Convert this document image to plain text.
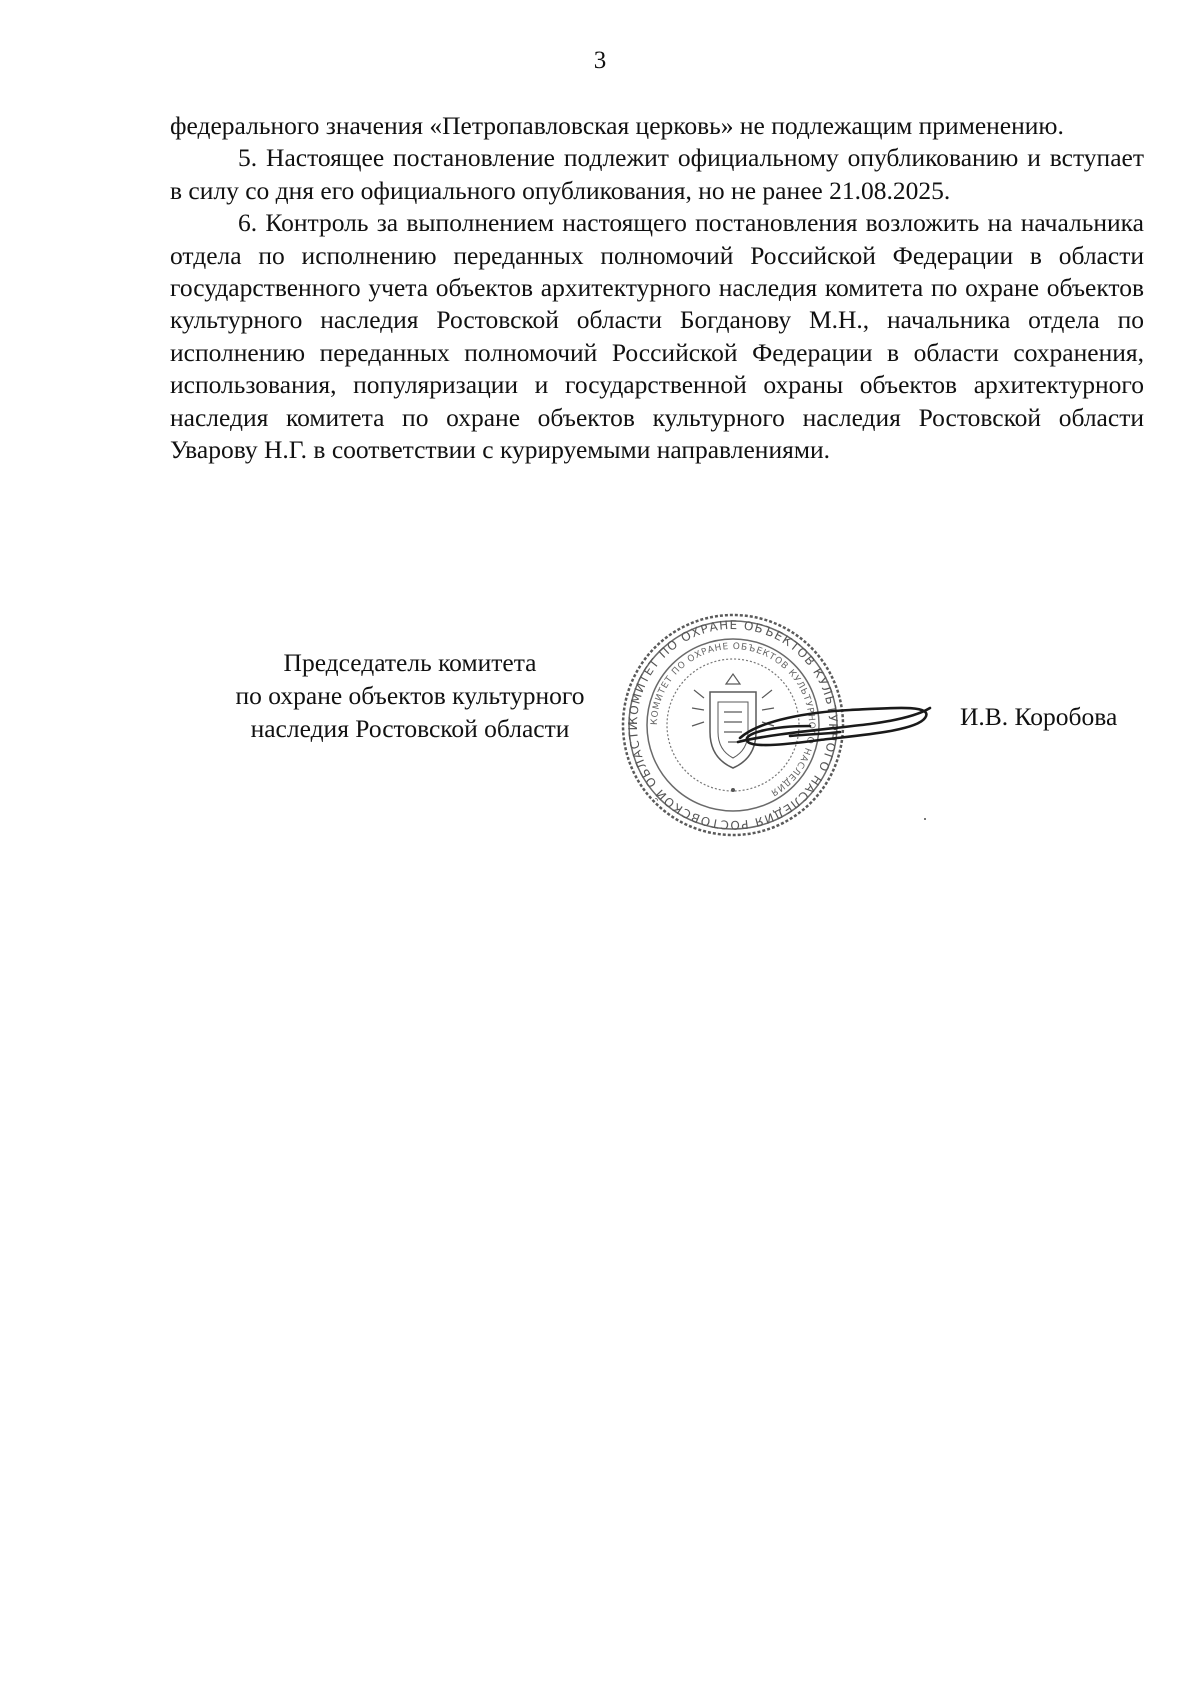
3

федерального значения «Петропавловская церковь» не подлежащим применению.

5. Настоящее постановление подлежит официальному опубликованию и вступает в силу со дня его официального опубликования, но не ранее 21.08.2025.

6. Контроль за выполнением настоящего постановления возложить на начальника отдела по исполнению переданных полномочий Российской Федерации в области государственного учета объектов архитектурного наследия комитета по охране объектов культурного наследия Ростовской области Богданову М.Н., начальника отдела по исполнению переданных полномочий Российской Федерации в области сохранения, использования, популяризации и государственной охраны объектов архитектурного наследия комитета по охране объектов культурного наследия Ростовской области Уварову Н.Г. в соответствии с курируемыми направлениями.

Председатель комитета
по охране объектов культурного
наследия Ростовской области	КОМИТЕТ ПО ОХРАНЕ ОБЪЕКТОВ КУЛЬТУРНОГО НАСЛЕДИЯ РОСТОВСКОЙ ОБЛАСТИ	КОМИТЕТ ПО ОХРАНЕ ОБЪЕКТОВ КУЛЬТУРНОГО НАСЛЕДИЯ
И.В. Коробова
